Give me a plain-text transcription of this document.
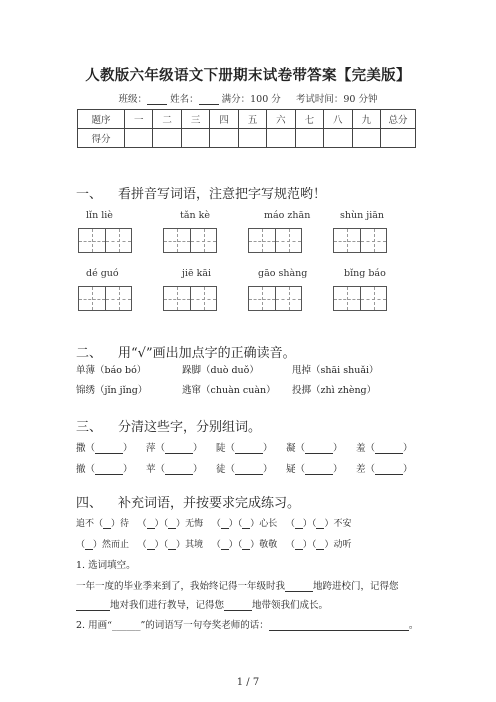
人教版六年级语文下册期末试卷带答案【完美版】
班级： 姓名： 满分：100 分 考试时间：90 分钟
题序	一	二	三	四	五	六	七	八	九	总分
得分										
一、 看拼音写词语，注意把字写规范哟！
lǐn liè	tǎn kè	máo zhān	shùn jiān
dé guó	jiē kāi	gāo shàng	bǐng báo
二、 用“√”画出加点字的正确读音。
单薄（báo bó）	跺脚（duò duǒ）	甩掉（shāi shuǎi）
锦绣（jǐn jǐng）	逃窜（chuàn cuàn） 投掷（zhì zhèng）
三、 分清这些字，分别组词。
撒（	） 萍（	） 陡（	） 凝（	） 羞（	）
撤（	） 苹（	） 徒（	） 疑（	） 差（	）
四、 补充词语，并按要求完成练习。
追不（ ）待 （ ）（ ）无悔 （ ）（ ）心长 （ ）（ ）不安
（ ）然而止 （ ）（ ）其境 （ ）（ ）敬敬 （ ）（ ）动听
1. 选词填空。
一年一度的毕业季来到了，我始终记得一年级时我	地跨进校门，记得您
地对我们进行教导，记得您	地带领我们成长。
2. 用画“______”的词语写一句夸奖老师的话：	。
1 / 7
